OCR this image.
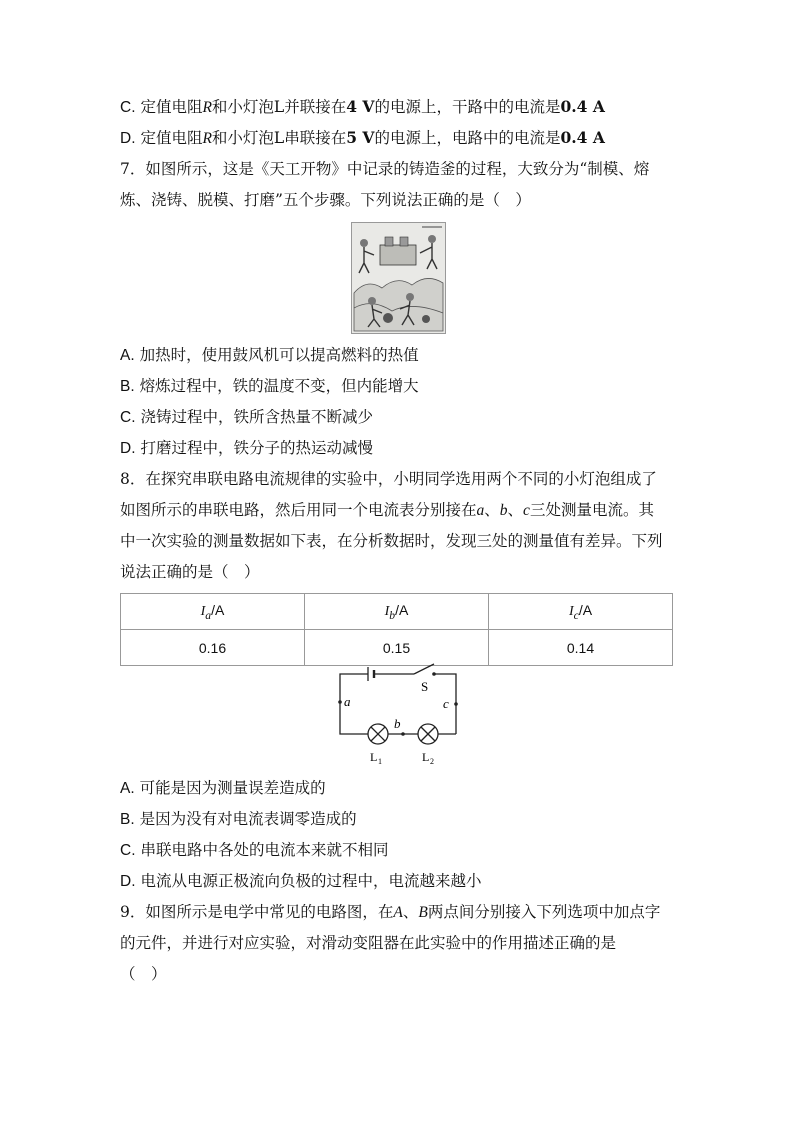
C. 定值电阻R和小灯泡L并联接在4 V的电源上，干路中的电流是0.4 A
D. 定值电阻R和小灯泡L串联接在5 V的电源上，电路中的电流是0.4 A
7．如图所示，这是《天工开物》中记录的铸造釜的过程，大致分为“制模、熔
炼、浇铸、脱模、打磨”五个步骤。下列说法正确的是（　）
A. 加热时，使用鼓风机可以提高燃料的热值
B. 熔炼过程中，铁的温度不变，但内能增大
C. 浇铸过程中，铁所含热量不断减少
D. 打磨过程中，铁分子的热运动减慢
8．在探究串联电路电流规律的实验中，小明同学选用两个不同的小灯泡组成了
如图所示的串联电路，然后用同一个电流表分别接在a、b、c三处测量电流。其
中一次实验的测量数据如下表，在分析数据时，发现三处的测量值有差异。下列
说法正确的是（　）
$I_a/A$	$I_b/A$	$I_c/A$
0.16	0.15	0.14
a
b
c
S
L 1	L 2
A. 可能是因为测量误差造成的
B. 是因为没有对电流表调零造成的
C. 串联电路中各处的电流本来就不相同
D. 电流从电源正极流向负极的过程中，电流越来越小
9．如图所示是电学中常见的电路图，在A、B两点间分别接入下列选项中加点字
的元件，并进行对应实验，对滑动变阻器在此实验中的作用描述正确的是
（　）
